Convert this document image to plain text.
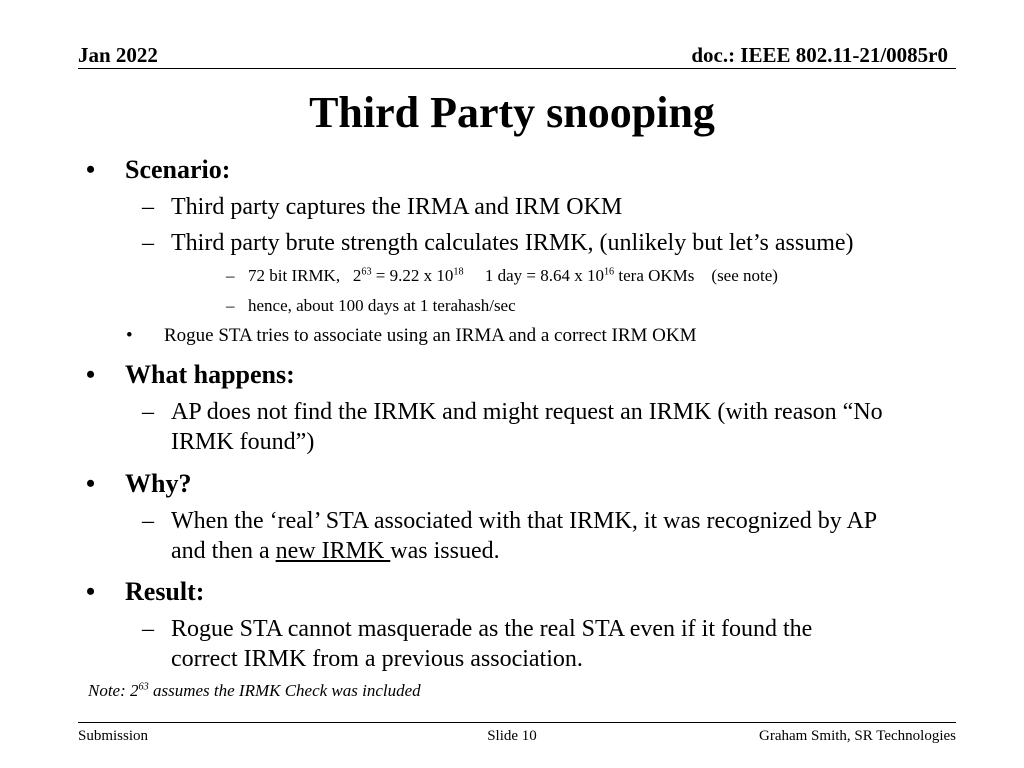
Jan 2022	doc.: IEEE 802.11-21/0085r0
Third Party snooping
• Scenario:
– Third party captures the IRMA and IRM OKM
– Third party brute strength calculates IRMK, (unlikely but let’s assume)
– 72 bit IRMK, $2^{63} = 9.22$ x $10^{18}$ 1 day = 8.64 x $10^{16}$ tera OKMs (see note)
– hence, about 100 days at 1 terahash/sec
• Rogue STA tries to associate using an IRMA and a correct IRM OKM
• What happens:
– AP does not find the IRMK and might request an IRMK (with reason “No
IRMK found”)
• Why?
– When the ‘real’ STA associated with that IRMK, it was recognized by AP
and then a new IRMK was issued.
• Result:
– Rogue STA cannot masquerade as the real STA even if it found the
correct IRMK from a previous association.
Note: $2^{63}$ assumes the IRMK Check was included
Submission	Slide 10	Graham Smith, SR Technologies
